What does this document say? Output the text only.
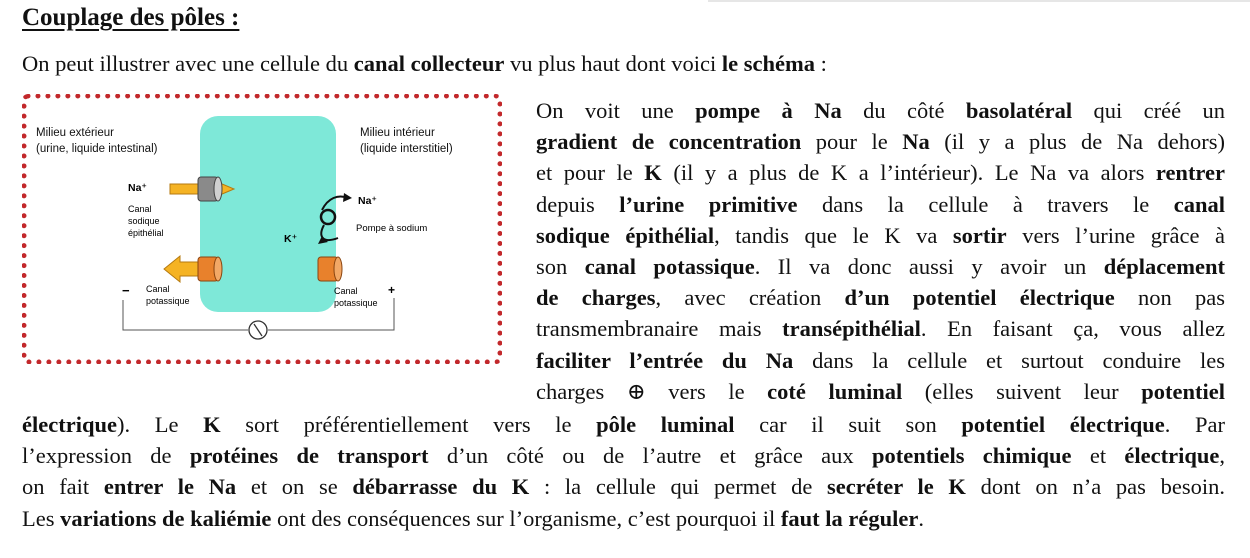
Couplage des pôles :
On peut illustrer avec une cellule du canal collecteur vu plus haut dont voici le schéma :
Milieu extérieur
(urine, liquide intestinal)
Milieu intérieur
(liquide interstitiel)
Na⁺
Canal
sodique
épithélial
Na⁺
Pompe à sodium
K⁺
−	+
Canal
potassique
Canal
potassique
On voit une pompe à Na du côté basolatéral qui créé un
gradient de concentration pour le Na (il y a plus de Na dehors)
et pour le K (il y a plus de K a l’intérieur). Le Na va alors rentrer
depuis l’urine primitive dans la cellule à travers le canal
sodique épithélial, tandis que le K va sortir vers l’urine grâce à
son canal potassique. Il va donc aussi y avoir un déplacement
de charges, avec création d’un potentiel électrique non pas
transmembranaire mais transépithélial. En faisant ça, vous allez
faciliter l’entrée du Na dans la cellule et surtout conduire les
charges ⊕ vers le coté luminal (elles suivent leur potentiel
électrique). Le K sort préférentiellement vers le pôle luminal car il suit son potentiel électrique. Par
l’expression de protéines de transport d’un côté ou de l’autre et grâce aux potentiels chimique et électrique,
on fait entrer le Na et on se débarrasse du K : la cellule qui permet de secréter le K dont on n’a pas besoin.
Les variations de kaliémie ont des conséquences sur l’organisme, c’est pourquoi il faut la réguler.
